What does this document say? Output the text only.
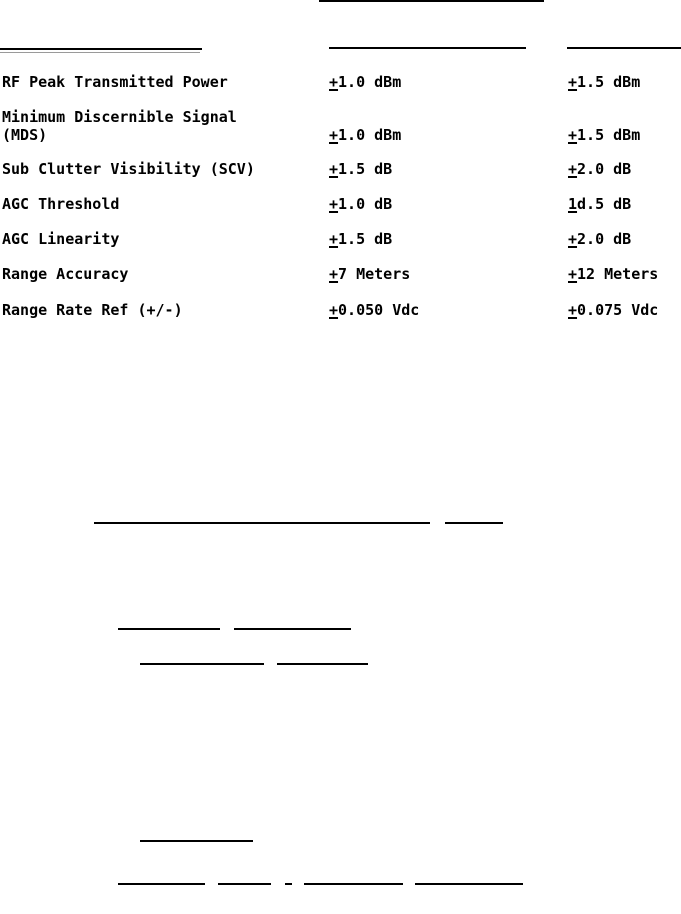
RF Peak Transmitted Power	+1.0 dBm	+1.5 dBm
Minimum Discernible Signal
(MDS)	+1.0 dBm	+1.5 dBm
Sub Clutter Visibility (SCV)	+1.5 dB	+2.0 dB
AGC Threshold	+1.0 dB	1d.5 dB
AGC Linearity	+1.5 dB	+2.0 dB
Range Accuracy	+7 Meters	+12 Meters
Range Rate Ref (+/-)	+0.050 Vdc	+0.075 Vdc
